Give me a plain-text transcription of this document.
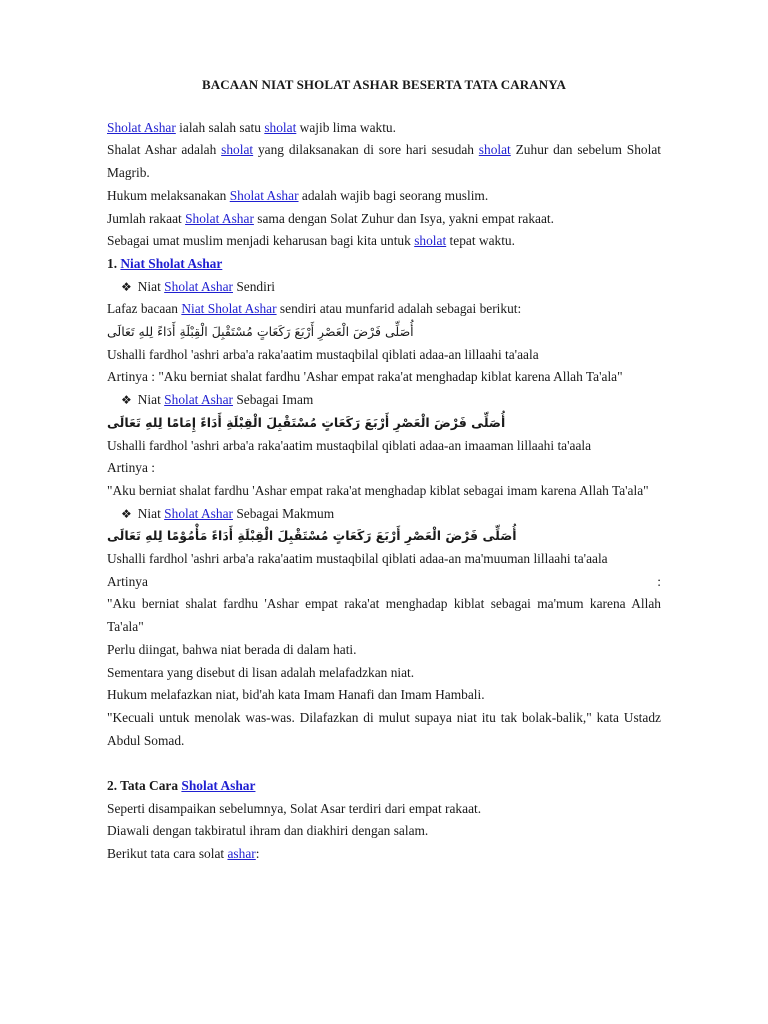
BACAAN NIAT SHOLAT ASHAR BESERTA TATA CARANYA

Sholat Ashar ialah salah satu sholat wajib lima waktu.

Shalat Ashar adalah sholat yang dilaksanakan di sore hari sesudah sholat Zuhur dan sebelum Sholat Magrib.

Hukum melaksanakan Sholat Ashar adalah wajib bagi seorang muslim.

Jumlah rakaat Sholat Ashar sama dengan Solat Zuhur dan Isya, yakni empat rakaat.

Sebagai umat muslim menjadi keharusan bagi kita untuk sholat tepat waktu.

1. Niat Sholat Ashar

❖ Niat Sholat Ashar Sendiri

Lafaz bacaan Niat Sholat Ashar sendiri atau munfarid adalah sebagai berikut:

أُصَلِّى فَرْضَ الْعَصْرِ أَرْبَعَ رَكَعَاتٍ مُسْتَقْبِلَ الْقِبْلَةِ أَدَاءً لِلهِ تَعَالَى

Ushalli fardhol 'ashri arba'a raka'aatim mustaqbilal qiblati adaa-an lillaahi ta'aala

Artinya : "Aku berniat shalat fardhu 'Ashar empat raka'at menghadap kiblat karena Allah Ta'ala"

❖ Niat Sholat Ashar Sebagai Imam

أُصَلِّى فَرْضَ الْعَصْرِ أَرْبَعَ رَكَعَاتٍ مُسْتَقْبِلَ الْقِبْلَةِ أَدَاءً إِمَامًا لِلهِ تَعَالَى

Ushalli fardhol 'ashri arba'a raka'aatim mustaqbilal qiblati adaa-an imaaman lillaahi ta'aala

Artinya :

"Aku berniat shalat fardhu 'Ashar empat raka'at menghadap kiblat sebagai imam karena Allah Ta'ala"

❖ Niat Sholat Ashar Sebagai Makmum

أُصَلِّى فَرْضَ الْعَصْرِ أَرْبَعَ رَكَعَاتٍ مُسْتَقْبِلَ الْقِبْلَةِ أَدَاءً مَأْمُوْمًا لِلهِ تَعَالَى

Ushalli fardhol 'ashri arba'a raka'aatim mustaqbilal qiblati adaa-an ma'muuman lillaahi ta'aala

Artinya	:

"Aku berniat shalat fardhu 'Ashar empat raka'at menghadap kiblat sebagai ma'mum karena Allah Ta'ala"

Perlu diingat, bahwa niat berada di dalam hati.

Sementara yang disebut di lisan adalah melafadzkan niat.

Hukum melafazkan niat, bid'ah kata Imam Hanafi dan Imam Hambali.

"Kecuali untuk menolak was-was. Dilafazkan di mulut supaya niat itu tak bolak-balik," kata Ustadz Abdul Somad.

2. Tata Cara Sholat Ashar

Seperti disampaikan sebelumnya, Solat Asar terdiri dari empat rakaat.

Diawali dengan takbiratul ihram dan diakhiri dengan salam.

Berikut tata cara solat ashar:
